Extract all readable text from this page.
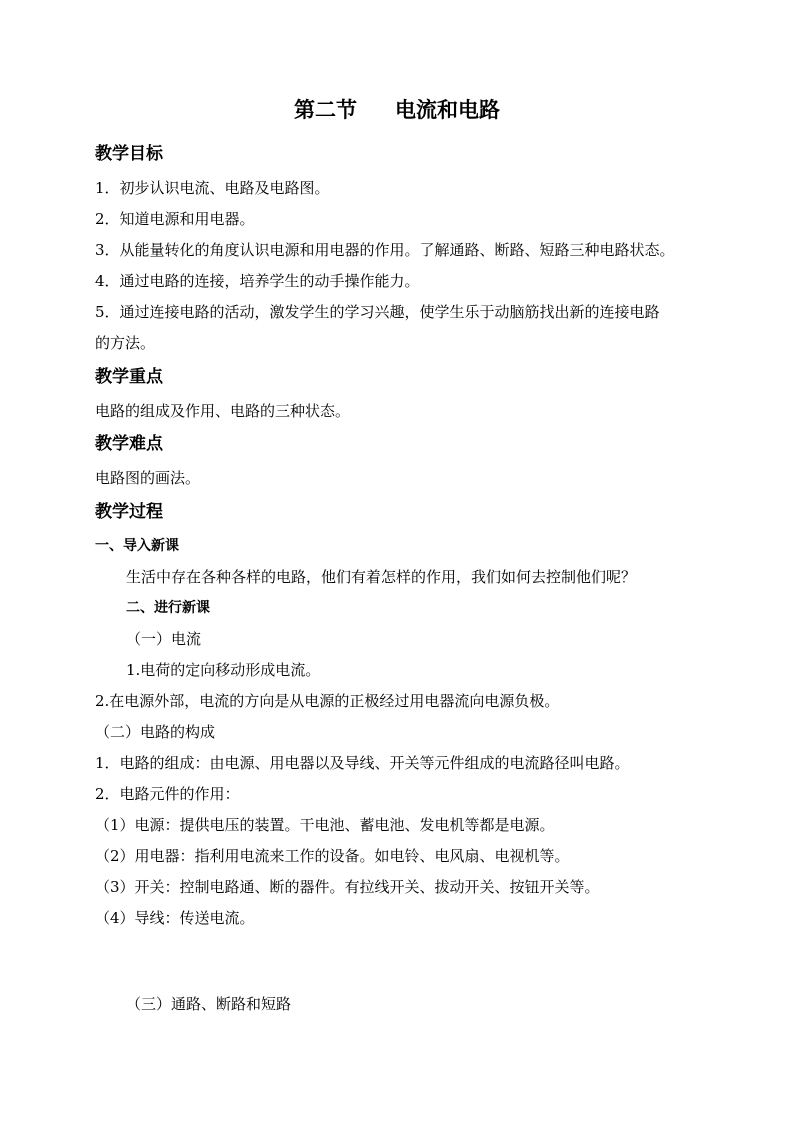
第二节 电流和电路
教学目标
1．初步认识电流、电路及电路图。
2．知道电源和用电器。
3．从能量转化的角度认识电源和用电器的作用。了解通路、断路、短路三种电路状态。
4．通过电路的连接，培养学生的动手操作能力。
5．通过连接电路的活动，激发学生的学习兴趣，使学生乐于动脑筋找出新的连接电路
的方法。
教学重点
电路的组成及作用、电路的三种状态。
教学难点
电路图的画法。
教学过程
一、导入新课
生活中存在各种各样的电路，他们有着怎样的作用，我们如何去控制他们呢？
二、进行新课
（一）电流
1.电荷的定向移动形成电流。
2.在电源外部，电流的方向是从电源的正极经过用电器流向电源负极。
（二）电路的构成
1．电路的组成：由电源、用电器以及导线、开关等元件组成的电流路径叫电路。
2．电路元件的作用：
（1）电源：提供电压的装置。干电池、蓄电池、发电机等都是电源。
（2）用电器：指利用电流来工作的设备。如电铃、电风扇、电视机等。
（3）开关：控制电路通、断的器件。有拉线开关、拔动开关、按钮开关等。
（4）导线：传送电流。
（三）通路、断路和短路
